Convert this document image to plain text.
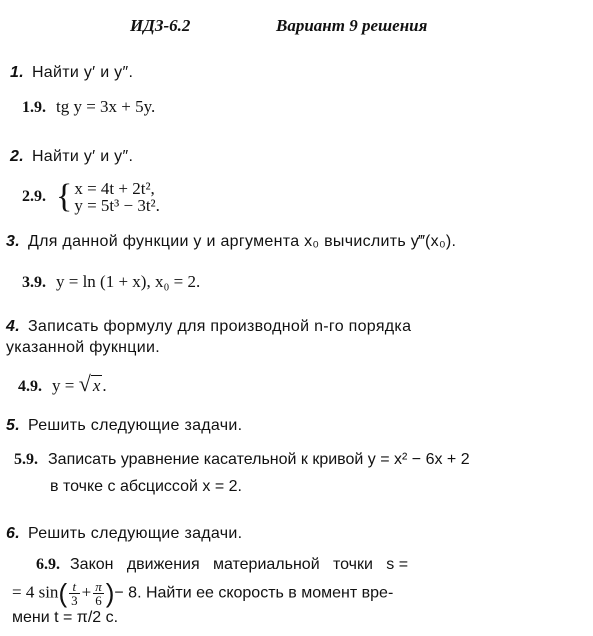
ИДЗ-6.2	Вариант 9 решения
1. Найти y′ и y″.
1.9. tg y = 3x + 5y.
2. Найти y′ и y″.
2.9. { x = 4t + 2t²,
y = 5t³ − 3t².
3. Для данной функции y и аргумента x₀ вычислить y‴(x₀).
3.9. y = ln (1 + x), x₀ = 2.
4. Записать формулу для производной n-го порядка
указанной фукнции.
4.9. y = √ x .
5. Решить следующие задачи.
5.9. Записать уравнение касательной к кривой y = x² − 6x + 2
в точке с абсциссой x = 2.
6. Решить следующие задачи.
6.9. Закон   движения   материальной   точки   s =
= 4 $\sin( \frac{t}{3} + \frac{\pi}{6}$ )− 8. Найти ее скорость в момент вре-
мени t = π/2 с.
